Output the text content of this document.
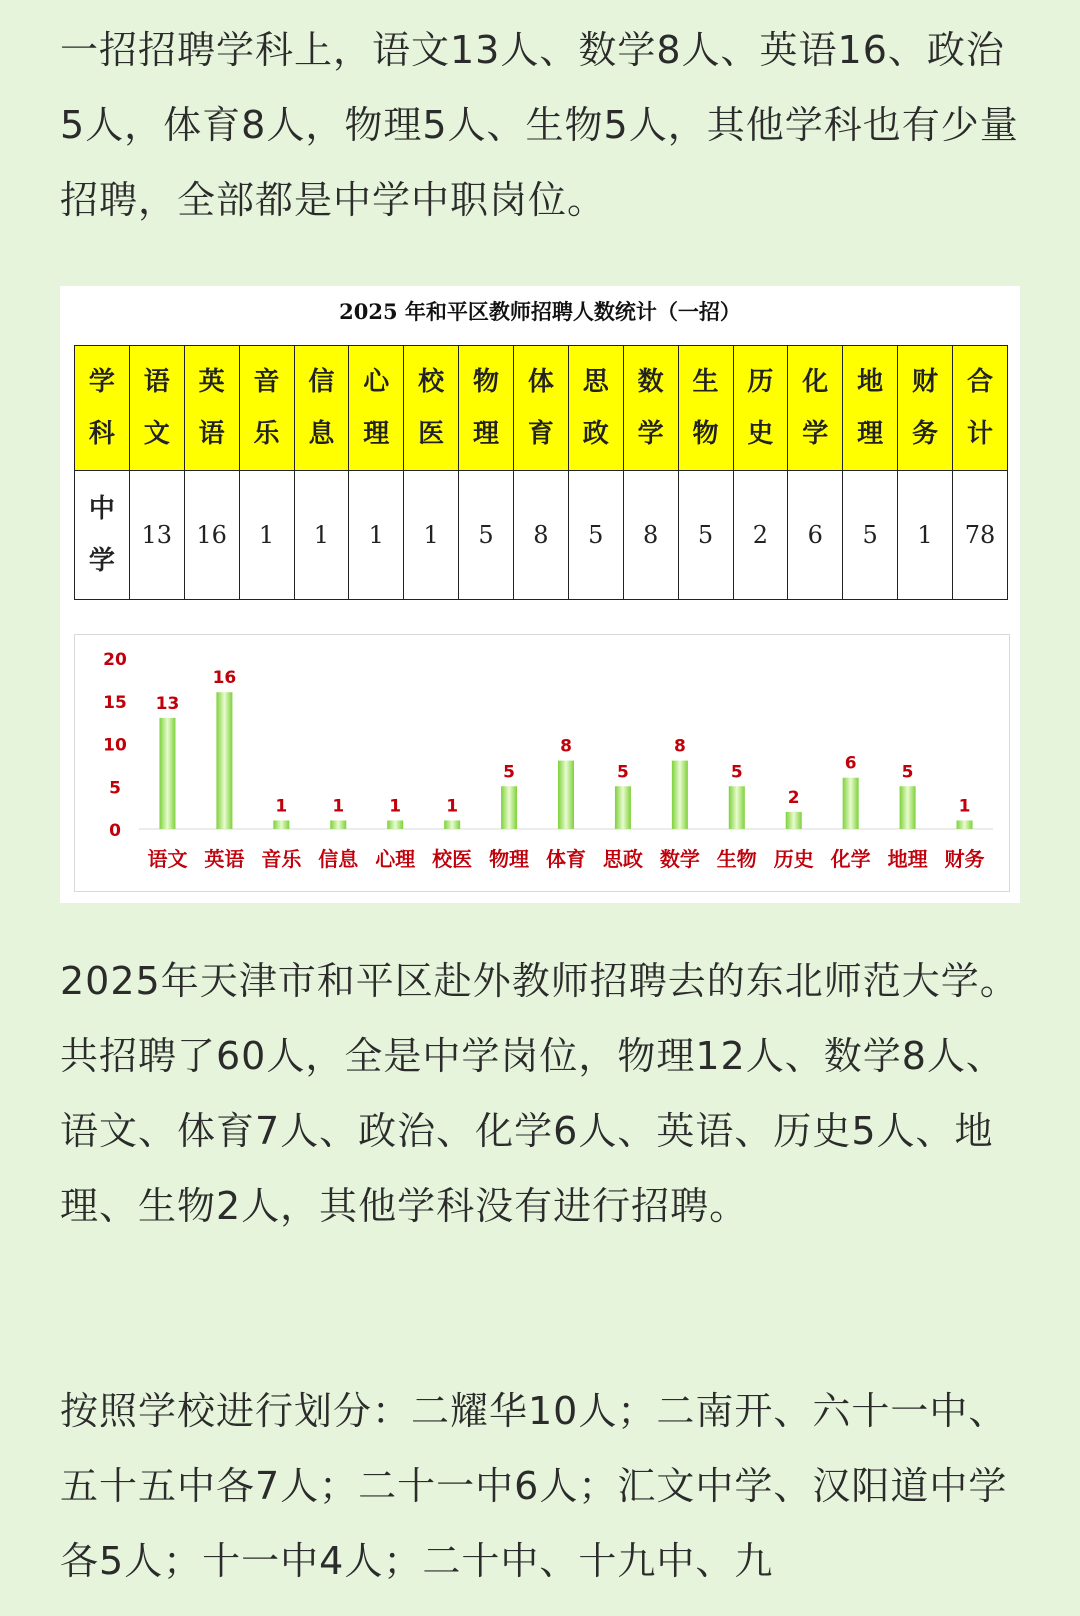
一招招聘学科上，语文13人、数学8人、英语16、政治5人，体育8人，物理5人、生物5人，其他学科也有少量招聘，全部都是中学中职岗位。

2025 年和平区教师招聘人数统计（一招）
学科	语文	英语	音乐	信息	心理	校医	物理	体育	思政	数学	生物	历史	化学	地理	财务	合计
中学	13	16	1	1	1	1	5	8	5	8	5	2	6	5	1	78
0
5
10
15
20
13
语文
16
英语
1
音乐
1
信息
1
心理
1
校医
5
物理
8
体育
5
思政
8
数学
5
生物
2
历史
6
化学
5
地理
1
财务

2025年天津市和平区赴外教师招聘去的东北师范大学。共招聘了60人，全是中学岗位，物理12人、数学8人、语文、体育7人、政治、化学6人、英语、历史5人、地理、生物2人，其他学科没有进行招聘。

按照学校进行划分：二耀华10人；二南开、六十一中、五十五中各7人；二十一中6人；汇文中学、汉阳道中学各5人；十一中4人；二十中、十九中、九
